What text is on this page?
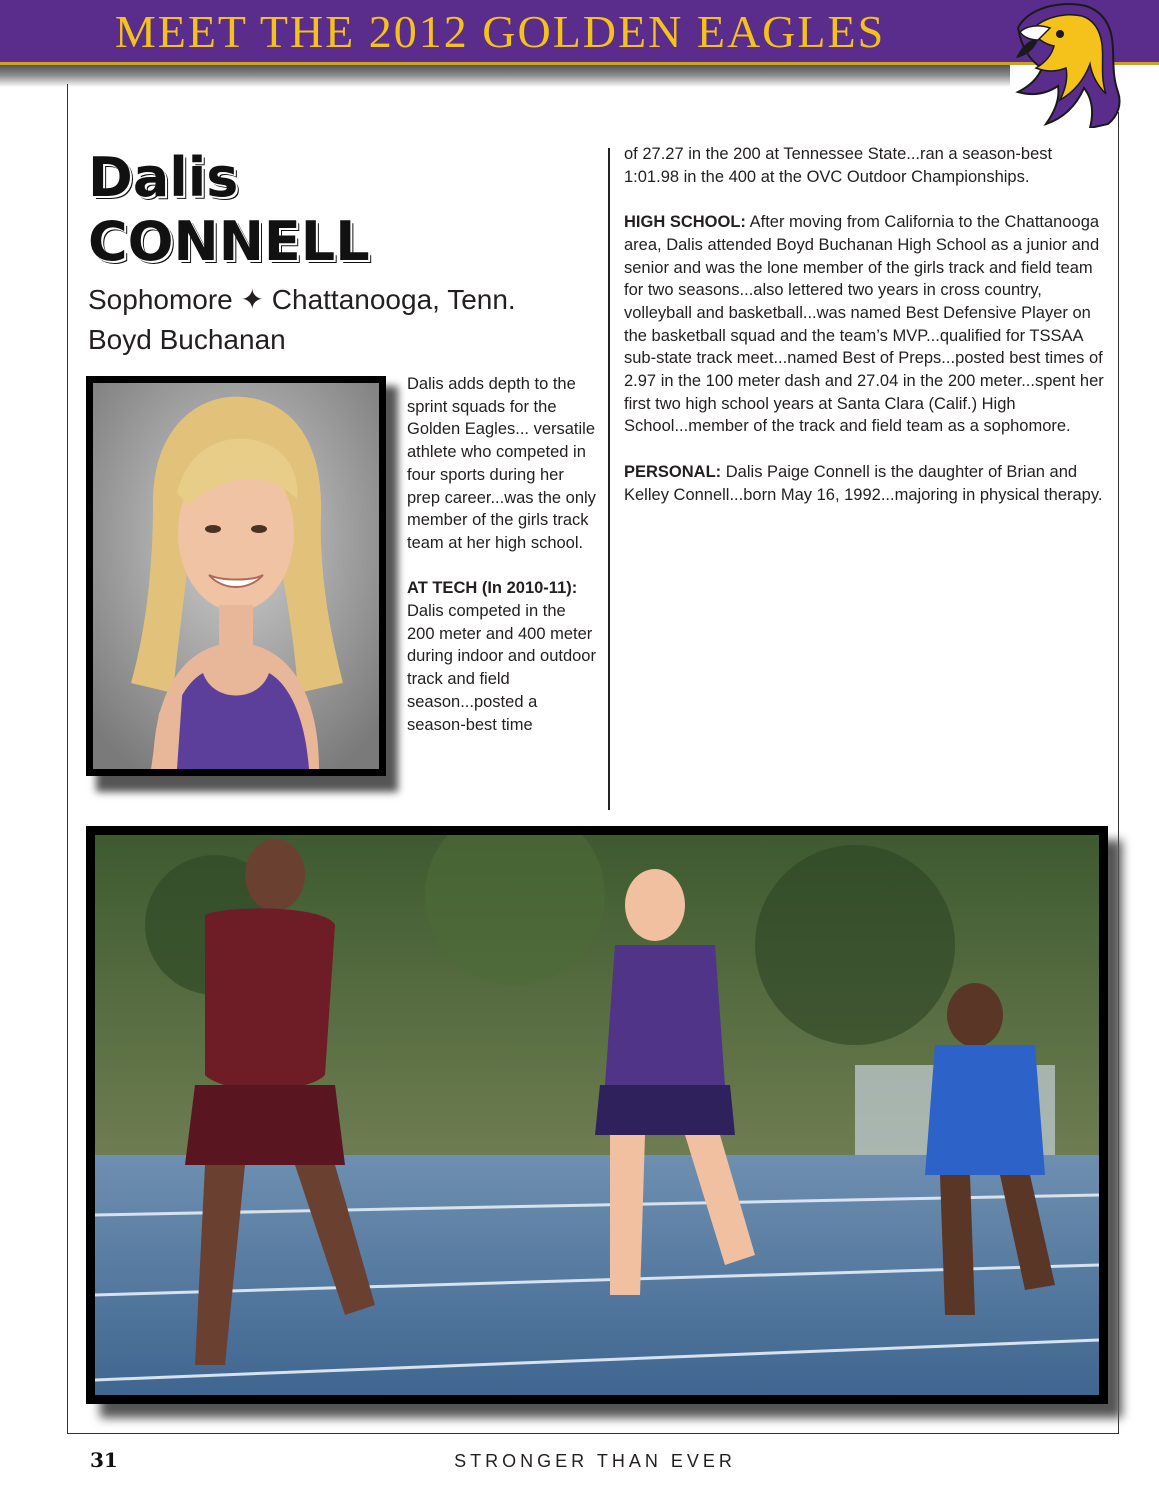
MEET THE 2012 GOLDEN EAGLES
Dalis
CONNELL
Sophomore ✦ Chattanooga, Tenn.
Boyd Buchanan

Dalis adds depth to the sprint squads for the Golden Eagles... versatile athlete who competed in four sports during her prep career...was the only member of the girls track team at her high school.

AT TECH (In 2010-11): Dalis competed in the 200 meter and 400 meter during indoor and outdoor track and field season...posted a season-best time

of 27.27 in the 200 at Tennessee State...ran a season-best 1:01.98 in the 400 at the OVC Outdoor Championships.

HIGH SCHOOL: After moving from California to the Chattanooga area, Dalis attended Boyd Buchanan High School as a junior and senior and was the lone member of the girls track and field team for two seasons...also lettered two years in cross country, volleyball and basketball...was named Best Defensive Player on the basketball squad and the team’s MVP...qualified for TSSAA sub-state track meet...named Best of Preps...posted best times of 2.97 in the 100 meter dash and 27.04 in the 200 meter...spent her first two high school years at Santa Clara (Calif.) High School...member of the track and field team as a sophomore.

PERSONAL: Dalis Paige Connell is the daughter of Brian and Kelley Connell...born May 16, 1992...majoring in physical therapy.

31	STRONGER THAN EVER
